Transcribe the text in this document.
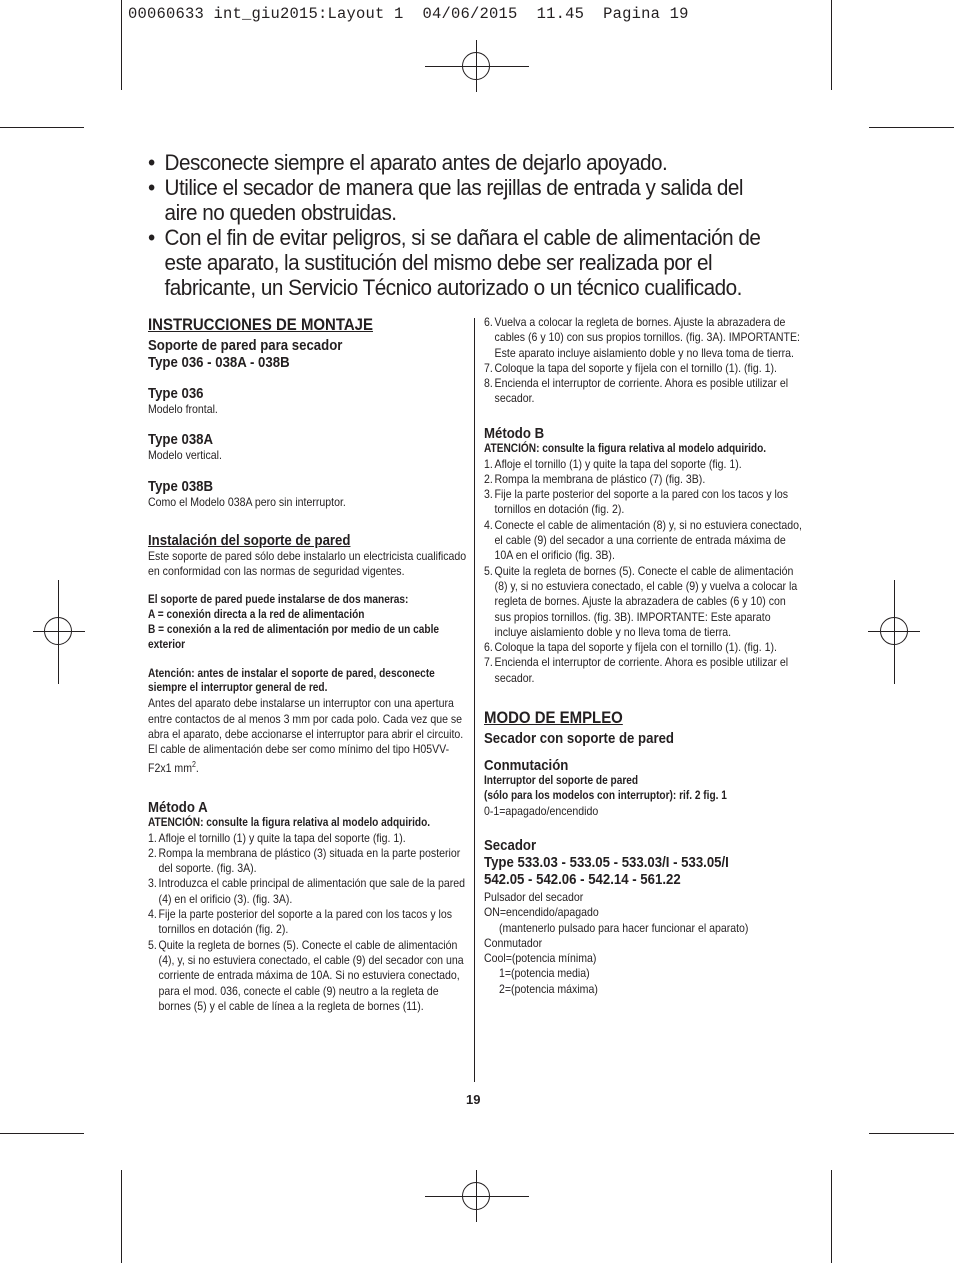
00060633 int_giu2015:Layout 1  04/06/2015  11.45  Pagina 19
• Desconecte siempre el aparato antes de dejarlo apoyado.
• Utilice el secador de manera que las rejillas de entrada y salida del aire no queden obstruidas.
• Con el fin de evitar peligros, si se dañara el cable de alimentación de este aparato, la sustitución del mismo debe ser realizada por el fabricante, un Servicio Técnico autorizado o un técnico cualificado.

INSTRUCCIONES DE MONTAJE

Soporte de pared para secador

Type 036 - 038A - 038B

Type 036

Modelo frontal.

Type 038A

Modelo vertical.

Type 038B

Como el Modelo 038A pero sin interruptor.

Instalación del soporte de pared

Este soporte de pared sólo debe instalarlo un electricista cualificado en conformidad con las normas de seguridad vigentes.

El soporte de pared puede instalarse de dos maneras:

A = conexión directa a la red de alimentación

B = conexión a la red de alimentación por medio de un cable exterior

Atención: antes de instalar el soporte de pared, desconecte siempre el interruptor general de red.

Antes del aparato debe instalarse un interruptor con una apertura entre contactos de al menos 3 mm por cada polo. Cada vez que se abra el aparato, debe accionarse el interruptor para abrir el circuito.

El cable de alimentación debe ser como mínimo del tipo H05VV-F2x1 $mm^2$.

Método A

ATENCIÓN: consulte la figura relativa al modelo adquirido.

1. Afloje el tornillo (1) y quite la tapa del soporte (fig. 1).

2. Rompa la membrana de plástico (3) situada en la parte posterior del soporte. (fig. 3A).

3. Introduzca el cable principal de alimentación que sale de la pared (4) en el orificio (3). (fig. 3A).

4. Fije la parte posterior del soporte a la pared con los tacos y los tornillos en dotación (fig. 2).

5. Quite la regleta de bornes (5). Conecte el cable de alimentación (4), y, si no estuviera conectado, el cable (9) del secador con una corriente de entrada máxima de 10A. Si no estuviera conectado, para el mod. 036, conecte el cable (9) neutro a la regleta de bornes (5) y el cable de línea a la regleta de bornes (11).

6. Vuelva a colocar la regleta de bornes. Ajuste la abrazadera de cables (6 y 10) con sus propios tornillos. (fig. 3A). IMPORTANTE: Este aparato incluye aislamiento doble y no lleva toma de tierra.

7. Coloque la tapa del soporte y fíjela con el tornillo (1). (fig. 1).

8. Encienda el interruptor de corriente. Ahora es posible utilizar el secador.

Método B

ATENCIÓN: consulte la figura relativa al modelo adquirido.

1. Afloje el tornillo (1) y quite la tapa del soporte (fig. 1).

2. Rompa la membrana de plástico (7) (fig. 3B).

3. Fije la parte posterior del soporte a la pared con los tacos y los tornillos en dotación (fig. 2).

4. Conecte el cable de alimentación (8) y, si no estuviera conectado, el cable (9) del secador a una corriente de entrada máxima de 10A en el orificio (fig. 3B).

5. Quite la regleta de bornes (5). Conecte el cable de alimentación (8) y, si no estuviera conectado, el cable (9) y vuelva a colocar la regleta de bornes. Ajuste la abrazadera de cables (6 y 10) con sus propios tornillos. (fig. 3B). IMPORTANTE: Este aparato incluye aislamiento doble y no lleva toma de tierra.

6. Coloque la tapa del soporte y fíjela con el tornillo (1). (fig. 1).

7. Encienda el interruptor de corriente. Ahora es posible utilizar el secador.

MODO DE EMPLEO

Secador con soporte de pared

Conmutación

Interruptor del soporte de pared

(sólo para los modelos con interruptor): rif. 2 fig. 1

0-1=apagado/encendido

Secador

Type 533.03 - 533.05 - 533.03/I - 533.05/I

542.05 - 542.06 - 542.14 - 561.22

Pulsador del secador

ON=encendido/apagado

(mantenerlo pulsado para hacer funcionar el aparato)

Conmutador

Cool=(potencia mínima)

1=(potencia media)

2=(potencia máxima)

19
